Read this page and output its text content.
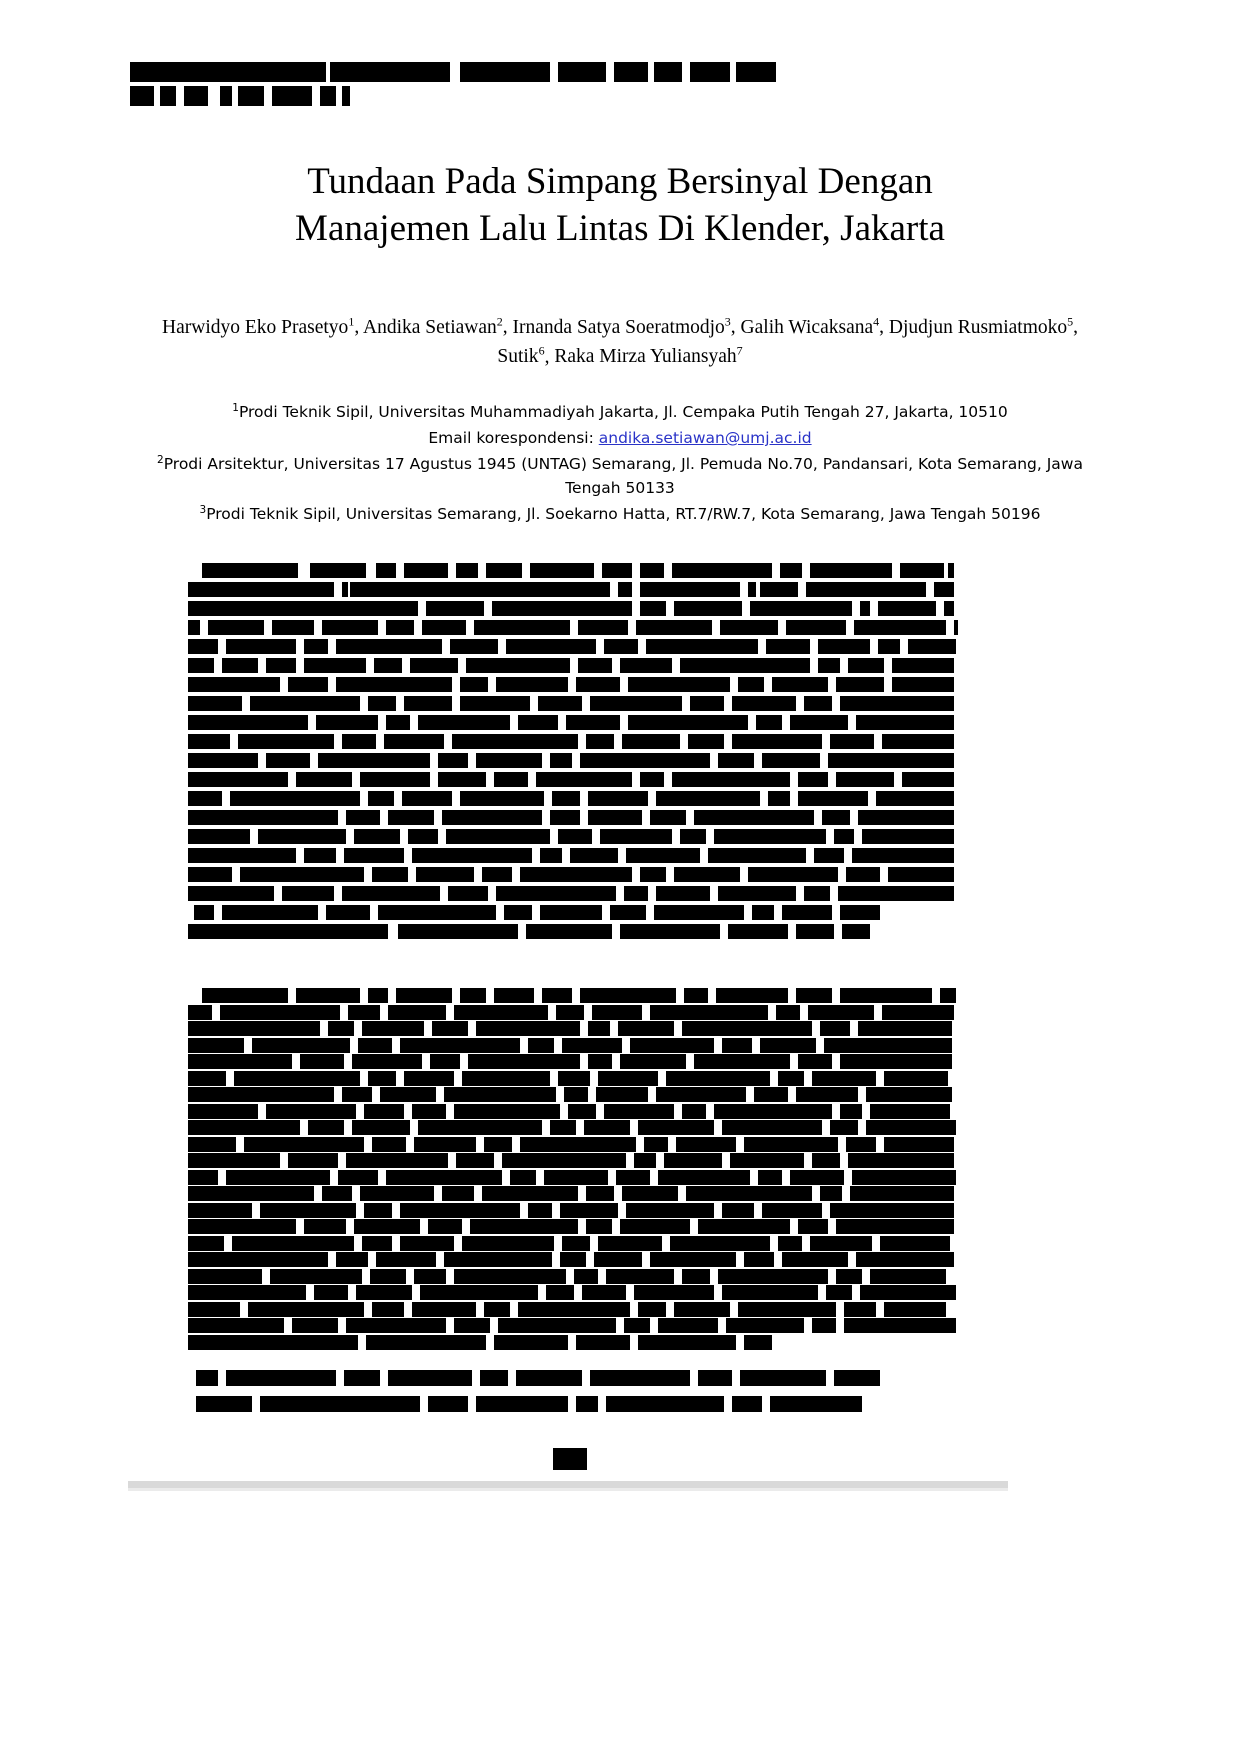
Tundaan Pada Simpang Bersinyal Dengan
Manajemen Lalu Lintas Di Klender, Jakarta
Harwidyo Eko Prasetyo$^1$, Andika Setiawan$^2$, Irnanda Satya Soeratmodjo$^3$, Galih Wicaksana$^4$, Djudjun Rusmiatmoko$^5$, Sutik$^6$, Raka Mirza Yuliansyah$^7$

$^1$Prodi Teknik Sipil, Universitas Muhammadiyah Jakarta, Jl. Cempaka Putih Tengah 27, Jakarta, 10510

Email korespondensi: andika.setiawan@umj.ac.id

$^2$Prodi Arsitektur, Universitas 17 Agustus 1945 (UNTAG) Semarang, Jl. Pemuda No.70, Pandansari, Kota Semarang, Jawa Tengah 50133

$^3$Prodi Teknik Sipil, Universitas Semarang, Jl. Soekarno Hatta, RT.7/RW.7, Kota Semarang, Jawa Tengah 50196
